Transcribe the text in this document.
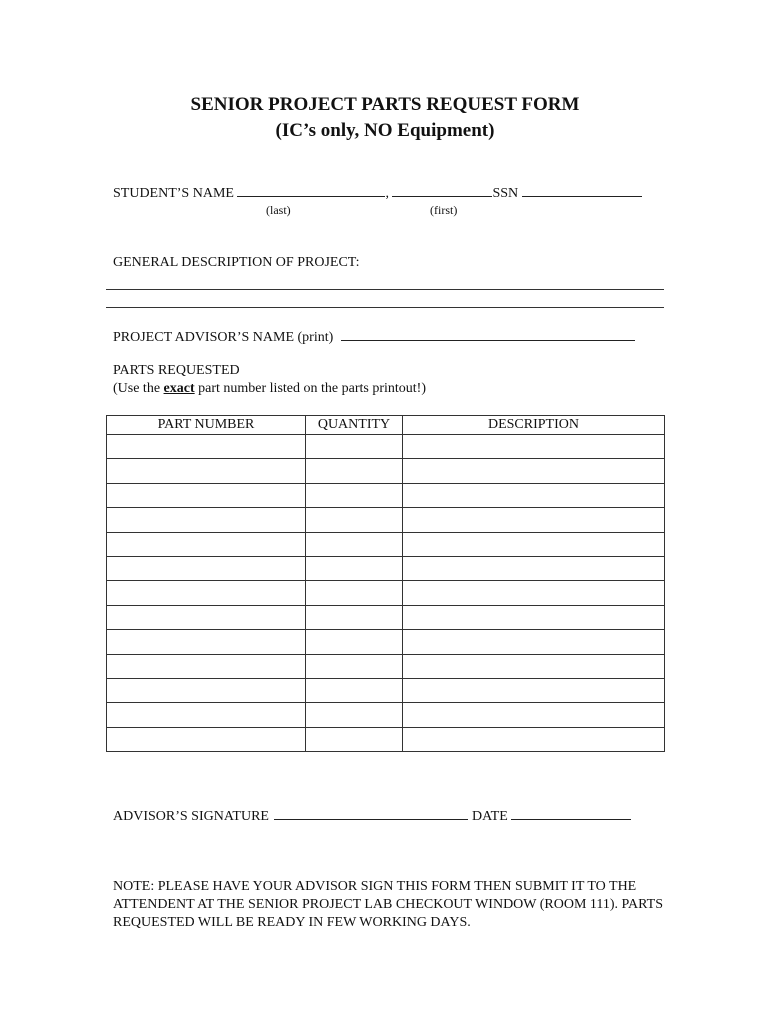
SENIOR PROJECT PARTS REQUEST FORM
(IC’s only, NO Equipment)
STUDENT’S NAME	,	SSN
(last)	(first)
GENERAL DESCRIPTION OF PROJECT:
PROJECT ADVISOR’S NAME (print)
PARTS REQUESTED
(Use the exact part number listed on the parts printout!)
PART NUMBER	QUANTITY	DESCRIPTION

ADVISOR’S SIGNATURE	DATE
NOTE: PLEASE HAVE YOUR ADVISOR SIGN THIS FORM THEN SUBMIT IT TO THE ATTENDENT AT THE SENIOR PROJECT LAB CHECKOUT WINDOW (ROOM 111). PARTS REQUESTED WILL BE READY IN FEW WORKING DAYS.
